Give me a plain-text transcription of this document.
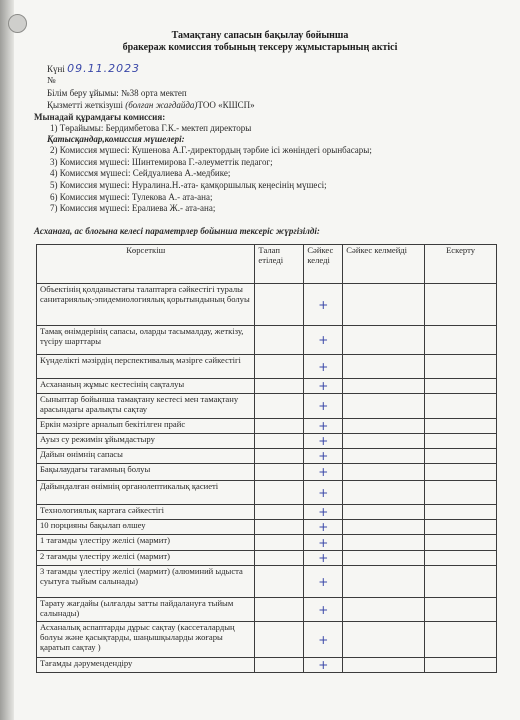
Тамақтану сапасын бақылау бойынша
бракераж комиссия тобының тексеру жұмыстарының актісі
Күні 09.11.2023
№
Білім беру ұйымы: №38 орта мектеп
Қызметті жеткізуші (болған жағдайда)ТОО «КШСП»
Мынадай құрамдағы комиссия:
1) Төрайымы: Бердимбетова Г.К.- мектеп директоры
Қатысқандар,комиссия мүшелері:
2) Комиссия мүшесі: Кушенова А.Г.-директордың тәрбие ісі жөніндегі орынбасары;
3) Комиссия мүшесі: Шинтемирова Г.-әлеуметтік педагог;
4) Комиссмя мүшесі: Сейдуалиева А.-медбике;
5) Комиссия мүшесі: Нуралина.Н.-ата- қамқоршылық кеңесінің мүшесі;
6) Комиссия мүшесі: Тулекова А.- ата-ана;
7) Комиссия мүшесі: Ералиева Ж.- ата-ана;
Асханаға, ас блогына келесі параметрлер бойынша тексеріс жүргізілді:
Көрсеткіш	Талап етіледі	Сәйкес келеді	Сәйкес келмейді	Ескерту
Объектінің қолданыстағы талаптарға сәйкестігі туралы санитариялық-эпидемиологиялық қорытындының болуы		+		
Тамақ өнімдерінің сапасы, оларды тасымалдау, жеткізу, түсіру шарттары		+		
Күнделікті мәзірдің перспективалық мәзірге сәйкестігі		+		
Асхананың жұмыс кестесінің сақталуы		+		
Сыныптар бойынша тамақтану кестесі мен тамақтану арасындағы аралықты сақтау		+		
Еркін мәзірге арналып бекітілген прайс		+		
Ауыз су режимін ұйымдастыру		+		
Дайын өнімнің сапасы		+		
Бақылаудағы тағамның болуы		+		
Дайындалған өнімнің органолептикалық қасиеті		+		
Технологиялық картаға сәйкестігі		+		
10 порцияны бақылап өлшеу		+		
1 тағамды үлестіру желісі (мармит)		+		
2 тағамды үлестіру желісі (мармит)		+		
3 тағамды үлестіру желісі (мармит) (алюминий ыдыста суытуға тыйым салынады)		+		
Тарату жағдайы (ылғалды затты пайдалануға тыйым салынады)		+		
Асханалық аспаптарды дұрыс сақтау (кассеталардың болуы және қасықтарды, шаңышқыларды жоғары қаратып сақтау )		+		
Тағамды дәрумендендіру		+		
